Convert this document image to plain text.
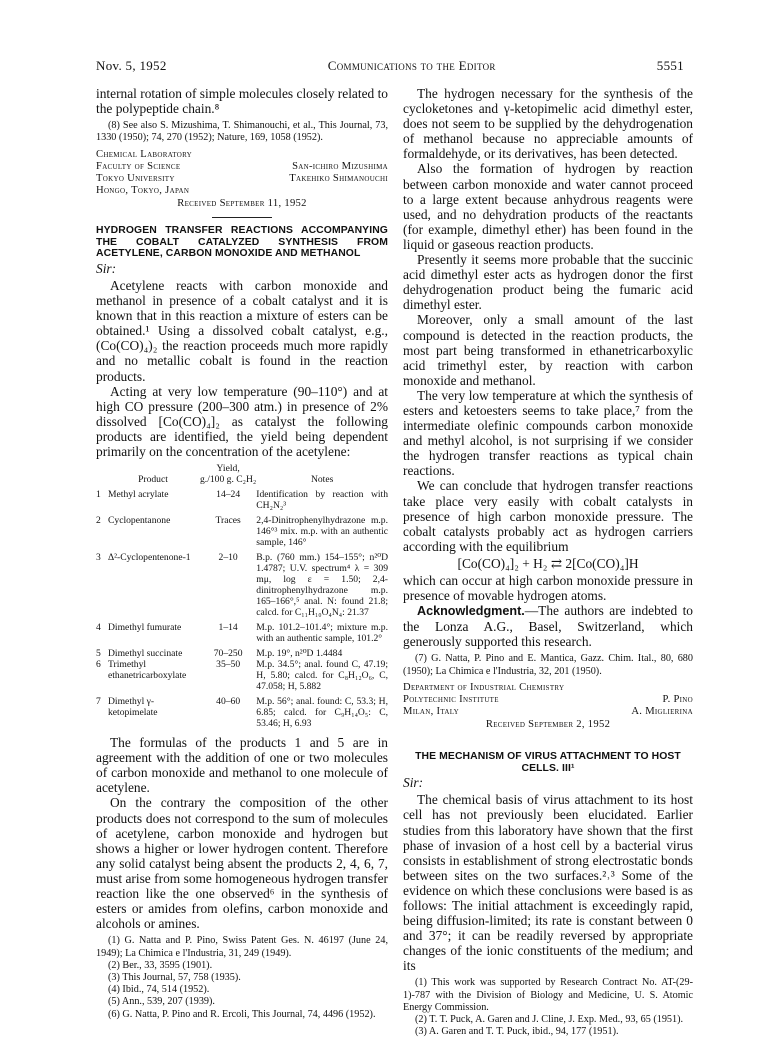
Nov. 5, 1952	Communications to the Editor	5551

internal rotation of simple molecules closely related to the polypeptide chain.⁸

(8) See also S. Mizushima, T. Shimanouchi, et al., This Journal, 73, 1330 (1950); 74, 270 (1952); Nature, 169, 1058 (1952).

Chemical Laboratory
Faculty of Science	San-ichiro Mizushima
Tokyo University	Takehiko Shimanouchi
Hongo, Tokyo, Japan
Received September 11, 1952
HYDROGEN TRANSFER REACTIONS ACCOMPANYING THE COBALT CATALYZED SYNTHESIS FROM ACETYLENE, CARBON MONOXIDE AND METHANOL
Sir:

Acetylene reacts with carbon monoxide and methanol in presence of a cobalt catalyst and it is known that in this reaction a mixture of esters can be obtained.¹ Using a dissolved cobalt catalyst, e.g., (Co(CO)₄)₂ the reaction proceeds much more rapidly and no metallic cobalt is found in the reaction products.

Acting at very low temperature (90–110°) and at high CO pressure (200–300 atm.) in presence of 2% dissolved [Co(CO)₄]₂ as catalyst the following products are identified, the yield being dependent primarily on the concentration of the acetylene:

		Yield,	
	Product	g./100 g. C₂H₂	Notes
1	Methyl acrylate	14–24	Identification by reaction with CH₂N₂³
2	Cyclopentanone	Traces	2,4-Dinitrophenylhydrazone m.p. 146°³ mix. m.p. with an authentic sample, 146°
3	Δ²-Cyclopentenone-1	2–10	B.p. (760 mm.) 154–155°; n²⁰D 1.4787; U.V. spectrum⁴ λ = 309 mμ, log ε = 1.50; 2,4-dinitrophenylhydrazone m.p. 165–166°,⁵ anal. N: found 21.8; calcd. for C₁₁H₁₀O₄N₄: 21.37
4	Dimethyl fumurate	1–14	M.p. 101.2–101.4°; mixture m.p. with an authentic sample, 101.2°
5	Dimethyl succinate	70–250	M.p. 19°, n²⁰D 1.4484
6	Trimethyl ethanetricarboxylate	35–50	M.p. 34.5°; anal. found C, 47.19; H, 5.80; calcd. for C₈H₁₂O₆, C, 47.058; H, 5.882
7	Dimethyl γ-ketopimelate	40–60	M.p. 56°; anal. found: C, 53.3; H, 6.85; calcd. for C₉H₁₄O₅: C, 53.46; H, 6.93

The formulas of the products 1 and 5 are in agreement with the addition of one or two molecules of carbon monoxide and methanol to one molecule of acetylene.

On the contrary the composition of the other products does not correspond to the sum of molecules of acetylene, carbon monoxide and hydrogen but shows a higher or lower hydrogen content. Therefore any solid catalyst being absent the products 2, 4, 6, 7, must arise from some homogeneous hydrogen transfer reaction like the one observed⁶ in the synthesis of esters or amides from olefins, carbon monoxide and alcohols or amines.

(1) G. Natta and P. Pino, Swiss Patent Ges. N. 46197 (June 24, 1949); La Chimica e l'Industria, 31, 249 (1949).

(2) Ber., 33, 3595 (1901).

(3) This Journal, 57, 758 (1935).

(4) Ibid., 74, 514 (1952).

(5) Ann., 539, 207 (1939).

(6) G. Natta, P. Pino and R. Ercoli, This Journal, 74, 4496 (1952).

The hydrogen necessary for the synthesis of the cycloketones and γ-ketopimelic acid dimethyl ester, does not seem to be supplied by the dehydrogenation of methanol because no appreciable amounts of formaldehyde, or its derivatives, has been detected.

Also the formation of hydrogen by reaction between carbon monoxide and water cannot proceed to a large extent because anhydrous reagents were used, and no dehydration products of the reactants (for example, dimethyl ether) has been found in the liquid or gaseous reaction products.

Presently it seems more probable that the succinic acid dimethyl ester acts as hydrogen donor the first dehydrogenation product being the fumaric acid dimethyl ester.

Moreover, only a small amount of the last compound is detected in the reaction products, the most part being transformed in ethanetricarboxylic acid trimethyl ester, by reaction with carbon monoxide and methanol.

The very low temperature at which the synthesis of esters and ketoesters seems to take place,⁷ from the intermediate olefinic compounds carbon monoxide and methyl alcohol, is not surprising if we consider the hydrogen transfer reactions as typical chain reactions.

We can conclude that hydrogen transfer reactions take place very easily with cobalt catalysts in presence of high carbon monoxide pressure. The cobalt catalysts probably act as hydrogen carriers according with the equilibrium

[Co(CO)₄]₂ + H₂ ⇄ 2[Co(CO)₄]H

which can occur at high carbon monoxide pressure in presence of movable hydrogen atoms.

Acknowledgment.—The authors are indebted to the Lonza A.G., Basel, Switzerland, which generously supported this research.

(7) G. Natta, P. Pino and E. Mantica, Gazz. Chim. Ital., 80, 680 (1950); La Chimica e l'Industria, 32, 201 (1950).

Department of Industrial Chemistry
Polytechnic Institute	P. Pino
Milan, Italy	A. Miglierina
Received September 2, 1952
THE MECHANISM OF VIRUS ATTACHMENT TO HOST CELLS. III¹
Sir:

The chemical basis of virus attachment to its host cell has not previously been elucidated. Earlier studies from this laboratory have shown that the first phase of invasion of a host cell by a bacterial virus consists in establishment of strong electrostatic bonds between sites on the two surfaces.²˒³ Some of the evidence on which these conclusions were based is as follows: The initial attachment is exceedingly rapid, being diffusion-limited; its rate is constant between 0 and 37°; it can be readily reversed by appropriate changes of the ionic constituents of the medium; and its

(1) This work was supported by Research Contract No. AT-(29-1)-787 with the Division of Biology and Medicine, U. S. Atomic Energy Commission.

(2) T. T. Puck, A. Garen and J. Cline, J. Exp. Med., 93, 65 (1951).

(3) A. Garen and T. T. Puck, ibid., 94, 177 (1951).
